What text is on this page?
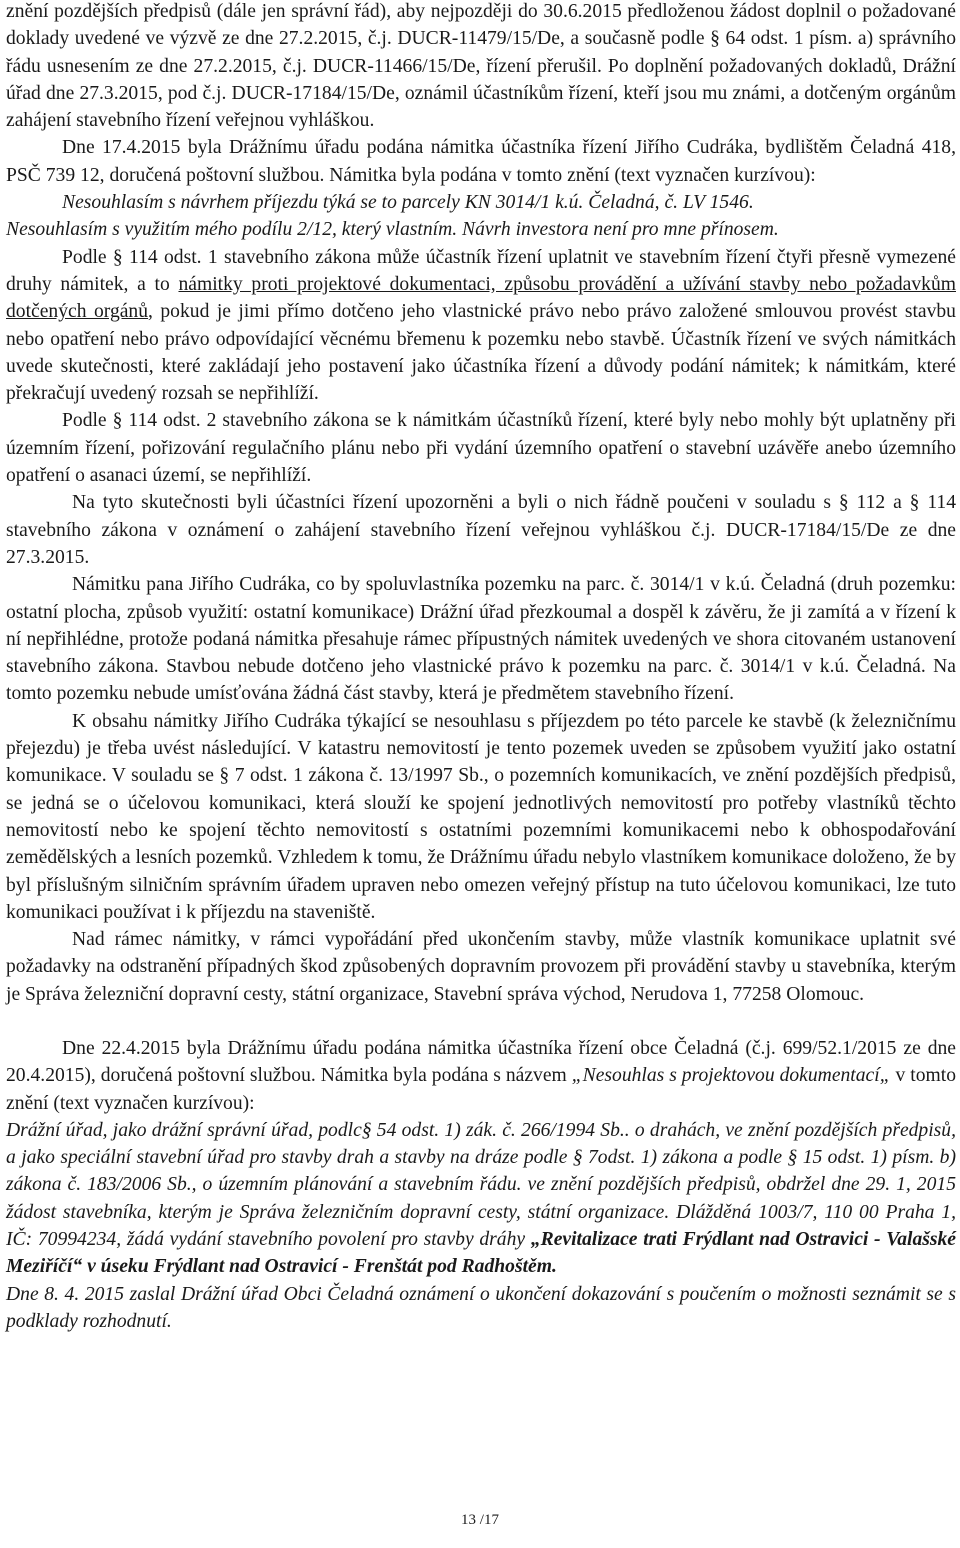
znění pozdějších předpisů (dále jen správní řád), aby nejpozději do 30.6.2015 předloženou žádost doplnil o požadované doklady uvedené ve výzvě ze dne 27.2.2015, č.j. DUCR-11479/15/De, a současně podle § 64 odst. 1 písm. a) správního řádu usnesením ze dne 27.2.2015, č.j. DUCR-11466/15/De, řízení přerušil. Po doplnění požadovaných dokladů, Drážní úřad dne 27.3.2015, pod č.j. DUCR-17184/15/De, oznámil účastníkům řízení, kteří jsou mu známi, a dotčeným orgánům zahájení stavebního řízení veřejnou vyhláškou.

Dne 17.4.2015 byla Drážnímu úřadu podána námitka účastníka řízení Jiřího Cudráka, bydlištěm Čeladná 418, PSČ 739 12, doručená poštovní službou. Námitka byla podána v tomto znění (text vyznačen kurzívou):

Nesouhlasím s návrhem příjezdu týká se to parcely KN 3014/1 k.ú. Čeladná, č. LV 1546.

Nesouhlasím s využitím mého podílu 2/12, který vlastním. Návrh investora není pro mne přínosem.

Podle § 114 odst. 1 stavebního zákona může účastník řízení uplatnit ve stavebním řízení čtyři přesně vymezené druhy námitek, a to námitky proti projektové dokumentaci, způsobu provádění a užívání stavby nebo požadavkům dotčených orgánů, pokud je jimi přímo dotčeno jeho vlastnické právo nebo právo založené smlouvou provést stavbu nebo opatření nebo právo odpovídající věcnému břemenu k pozemku nebo stavbě. Účastník řízení ve svých námitkách uvede skutečnosti, které zakládají jeho postavení jako účastníka řízení a důvody podání námitek; k námitkám, které překračují uvedený rozsah se nepřihlíží.

Podle § 114 odst. 2 stavebního zákona se k námitkám účastníků řízení, které byly nebo mohly být uplatněny při územním řízení, pořizování regulačního plánu nebo při vydání územního opatření o stavební uzávěře anebo územního opatření o asanaci území, se nepřihlíží.

Na tyto skutečnosti byli účastníci řízení upozorněni a byli o nich řádně poučeni v souladu s § 112 a § 114 stavebního zákona v oznámení o zahájení stavebního řízení veřejnou vyhláškou č.j. DUCR-17184/15/De ze dne 27.3.2015.

Námitku pana Jiřího Cudráka, co by spoluvlastníka pozemku na parc. č. 3014/1 v k.ú. Čeladná (druh pozemku: ostatní plocha, způsob využití: ostatní komunikace) Drážní úřad přezkoumal a dospěl k závěru, že ji zamítá a v řízení k ní nepřihlédne, protože podaná námitka přesahuje rámec přípustných námitek uvedených ve shora citovaném ustanovení stavebního zákona. Stavbou nebude dotčeno jeho vlastnické právo k pozemku na parc. č. 3014/1 v k.ú. Čeladná. Na tomto pozemku nebude umísťována žádná část stavby, která je předmětem stavebního řízení.

K obsahu námitky Jiřího Cudráka týkající se nesouhlasu s příjezdem po této parcele ke stavbě (k železničnímu přejezdu) je třeba uvést následující. V katastru nemovitostí je tento pozemek uveden se způsobem využití jako ostatní komunikace. V souladu se § 7 odst. 1 zákona č. 13/1997 Sb., o pozemních komunikacích, ve znění pozdějších předpisů, se jedná se o účelovou komunikaci, která slouží ke spojení jednotlivých nemovitostí pro potřeby vlastníků těchto nemovitostí nebo ke spojení těchto nemovitostí s ostatními pozemními komunikacemi nebo k obhospodařování zemědělských a lesních pozemků. Vzhledem k tomu, že Drážnímu úřadu nebylo vlastníkem komunikace doloženo, že by byl příslušným silničním správním úřadem upraven nebo omezen veřejný přístup na tuto účelovou komunikaci, lze tuto komunikaci používat i k příjezdu na staveniště.

Nad rámec námitky, v rámci vypořádání před ukončením stavby, může vlastník komunikace uplatnit své požadavky na odstranění případných škod způsobených dopravním provozem při provádění stavby u stavebníka, kterým je Správa železniční dopravní cesty, státní organizace, Stavební správa východ, Nerudova 1, 77258 Olomouc.

Dne 22.4.2015 byla Drážnímu úřadu podána námitka účastníka řízení obce Čeladná (č.j. 699/52.1/2015 ze dne 20.4.2015), doručená poštovní službou. Námitka byla podána s názvem „Nesouhlas s projektovou dokumentací„ v tomto znění (text vyznačen kurzívou):

Drážní úřad, jako drážní správní úřad, podlc§ 54 odst. 1) zák. č. 266/1994 Sb.. o drahách, ve znění pozdějších předpisů, a jako speciální stavební úřad pro stavby drah a stavby na dráze podle § 7odst. 1) zákona a podle § 15 odst. 1) písm. b) zákona č. 183/2006 Sb., o územním plánování a stavebním řádu. ve znění pozdějších předpisů, obdržel dne 29. 1, 2015 žádost stavebníka, kterým je Správa železničním dopravní cesty, státní organizace. Dlážděná 1003/7, 110 00 Praha 1, IČ: 70994234, žádá vydání stavebního povolení pro stavby dráhy „Revitalizace trati Frýdlant nad Ostravici - Valašské Meziříčí“ v úseku Frýdlant nad Ostravicí - Frenštát pod Radhoštěm.

Dne 8. 4. 2015 zaslal Drážní úřad Obci Čeladná oznámení o ukončení dokazování s poučením o možnosti seznámit se s podklady rozhodnutí.

13 /17
